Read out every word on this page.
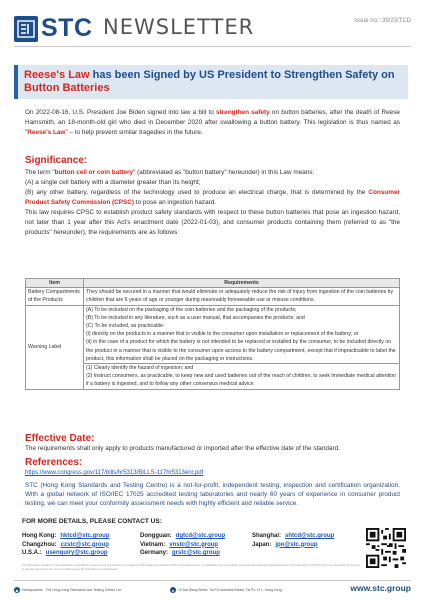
STC NEWSLETTER	Issue no.: 39/23/TCD
Reese's Law has been Signed by US President to Strengthen Safety on Button Batteries
On 2022-08-16, U.S. President Joe Biden signed into law a bill to strengthen safety on button batteries, after the death of Reese Hamsmith, an 18-month-old girl who died in December 2020 after swallowing a button battery. This legislation is thus named as "Reese's Law" – to help prevent similar tragedies in the future.
Significance:
The term "button cell or coin battery" (abbreviated as "button battery" hereunder) in this Law means:
(A) a single cell battery with a diameter greater than its height;
(B) any other battery, regardless of the technology used to produce an electrical charge, that is determined by the Consumer Product Safety Commission (CPSC) to pose an ingestion hazard.
This law requires CPSC to establish product safety standards with respect to these button batteries that pose an ingestion hazard, not later than 1 year after this Act's enactment date (2022-01-03), and consumer products containing them (referred to as "the products" hereunder), the requirements are as follows:
Item	Requirements
Battery Compartments of the Products	They should be secured in a manner that would eliminate or adequately reduce the risk of injury from ingestion of the coin batteries by children that are 6 years of age or younger during reasonably foreseeable use or misuse conditions.
Warning Label	(A) To be included on the packaging of the coin batteries and the packaging of the products;
(B) To be included in any literature, such as a user manual, that accompanies the products; and
(C) To be included, as practicable:
(i) directly on the products in a manner that is visible to the consumer upon installation or replacement of the battery; or
(ii) in the case of a product for which the battery is not intended to be replaced or installed by the consumer, to be included directly on the product in a manner that is visible to the consumer upon access to the battery compartment, except that if impracticable to label the product, this information shall be placed on the packaging or instructions.

	(1) Clearly identify the hazard of ingestion; and
(2) Instruct consumers, as practicable, to keep new and used batteries out of the reach of children, to seek immediate medical attention if a battery is ingested, and to follow any other consensus medical advice.
Effective Date:
The requirements shall only apply to products manufactured or imported after the effective date of the standard.
References:
https://www.congress.gov/117/bills/hr5313/BILLS-117hr5313enr.pdf
STC (Hong Kong Standards and Testing Centre) is a not-for-profit, independent testing, inspection and certification organization. With a global network of ISO/IEC 17025 accredited testing laboratories and nearly 60 years of experience in consumer product testing, we can meet your conformity assessment needs with highly efficient and reliable service.
FOR MORE DETAILS, PLEASE CONTACT US:
Hong Kong: hktcd@stc.group	Dongguan: dgtcd@stc.group	Shanghai: shtcd@stc.group
Changzhou: czstc@stc.group	Vietnam: vnstc@stc.group	Japan: jpo@stc.group
U.S.A.: usenquiry@stc.group	Germany: grstc@stc.group
The information contained in this newsletter is intended for reference only and should not be regarded as the legal interpretation of STC or the requirements. It is advisable that you carefully read and understand the original document of any legislation, and STC will not be responsible for any loss or damage arising from the use of or reliance upon the information contained herein.
■	Headquarters - The Hong Kong Standards and Testing Centre Ltd.	●	10 Dai Wang Street, Tai Po Industrial Estate, Tai Po, N.T., Hong Kong	www.stc.group
